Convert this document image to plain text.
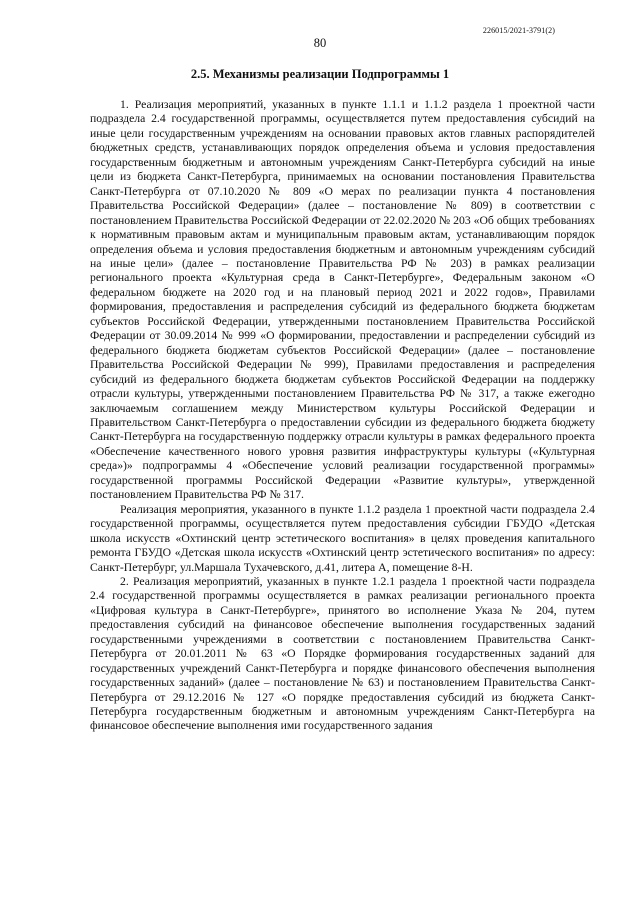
226015/2021-3791(2)
80
2.5. Механизмы реализации Подпрограммы 1

1. Реализация мероприятий, указанных в пункте 1.1.1 и 1.1.2 раздела 1 проектной части подраздела 2.4 государственной программы, осуществляется путем предоставления субсидий на иные цели государственным учреждениям на основании правовых актов главных распорядителей бюджетных средств, устанавливающих порядок определения объема и условия предоставления государственным бюджетным и автономным учреждениям Санкт-Петербурга субсидий на иные цели из бюджета Санкт-Петербурга, принимаемых на основании постановления Правительства Санкт-Петербурга от 07.10.2020 № 809 «О мерах по реализации пункта 4 постановления Правительства Российской Федерации» (далее – постановление № 809) в соответствии с постановлением Правительства Российской Федерации от 22.02.2020 № 203 «Об общих требованиях к нормативным правовым актам и муниципальным правовым актам, устанавливающим порядок определения объема и условия предоставления бюджетным и автономным учреждениям субсидий на иные цели» (далее – постановление Правительства РФ № 203) в рамках реализации регионального проекта «Культурная среда в Санкт-Петербурге», Федеральным законом «О федеральном бюджете на 2020 год и на плановый период 2021 и 2022 годов», Правилами формирования, предоставления и распределения субсидий из федерального бюджета бюджетам субъектов Российской Федерации, утвержденными постановлением Правительства Российской Федерации от 30.09.2014 № 999 «О формировании, предоставлении и распределении субсидий из федерального бюджета бюджетам субъектов Российской Федерации» (далее – постановление Правительства Российской Федерации № 999), Правилами предоставления и распределения субсидий из федерального бюджета бюджетам субъектов Российской Федерации на поддержку отрасли культуры, утвержденными постановлением Правительства РФ № 317, а также ежегодно заключаемым соглашением между Министерством культуры Российской Федерации и Правительством Санкт-Петербурга о предоставлении субсидии из федерального бюджета бюджету Санкт-Петербурга на государственную поддержку отрасли культуры в рамках федерального проекта «Обеспечение качественного нового уровня развития инфраструктуры культуры («Культурная среда»)» подпрограммы 4 «Обеспечение условий реализации государственной программы» государственной программы Российской Федерации «Развитие культуры», утвержденной постановлением Правительства РФ № 317.

Реализация мероприятия, указанного в пункте 1.1.2 раздела 1 проектной части подраздела 2.4 государственной программы, осуществляется путем предоставления субсидии ГБУДО «Детская школа искусств «Охтинский центр эстетического воспитания» в целях проведения капитального ремонта ГБУДО «Детская школа искусств «Охтинский центр эстетического воспитания» по адресу: Санкт-Петербург, ул.Маршала Тухачевского, д.41, литера А, помещение 8-Н.

2. Реализация мероприятий, указанных в пункте 1.2.1 раздела 1 проектной части подраздела 2.4 государственной программы осуществляется в рамках реализации регионального проекта «Цифровая культура в Санкт-Петербурге», принятого во исполнение Указа № 204, путем предоставления субсидий на финансовое обеспечение выполнения государственных заданий государственными учреждениями в соответствии с постановлением Правительства Санкт-Петербурга от 20.01.2011 № 63 «О Порядке формирования государственных заданий для государственных учреждений Санкт-Петербурга и порядке финансового обеспечения выполнения государственных заданий» (далее – постановление № 63) и постановлением Правительства Санкт-Петербурга от 29.12.2016 № 127 «О порядке предоставления субсидий из бюджета Санкт-Петербурга государственным бюджетным и автономным учреждениям Санкт-Петербурга на финансовое обеспечение выполнения ими государственного задания
